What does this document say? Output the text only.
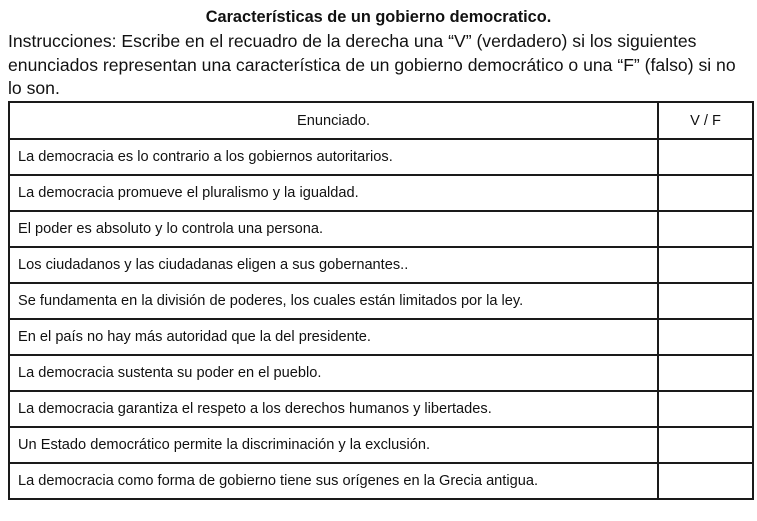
Características de un gobierno democratico.
Instrucciones: Escribe en el recuadro de la derecha una “V” (verdadero) si los siguientes enunciados representan una característica de un gobierno democrático o una “F” (falso) si no lo son.
Enunciado.	V / F
La democracia es lo contrario a los gobiernos autoritarios.	
La democracia promueve el pluralismo y la igualdad.	
El poder es absoluto y lo controla una persona.	
Los ciudadanos y las ciudadanas eligen a sus gobernantes..	
Se fundamenta en la división de poderes, los cuales están limitados por la ley.	
En el país no hay más autoridad que la del presidente.	
La democracia sustenta su poder en el pueblo.	
La democracia garantiza el respeto a los derechos humanos y libertades.	
Un Estado democrático permite la discriminación y la exclusión.	
La democracia como forma de gobierno tiene sus orígenes en la Grecia antigua.	
